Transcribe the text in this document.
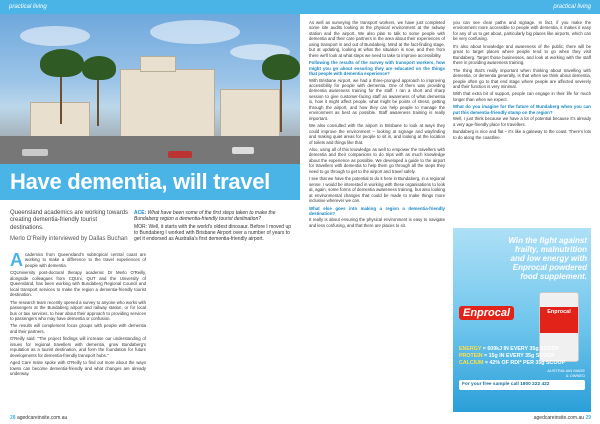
practical living
Have dementia, will travel
Queensland academics are working towards creating dementia-friendly tourist destinations.
Merlo O'Reilly interviewed by Dallas Buchan
ACE: What have been some of the first steps taken to make the Bundaberg region a dementia-friendly tourist destination?
MOR: Well, it starts with the world's oldest dinosaur. Before I moved up to Bundaberg I worked with Brisbane Airport over a number of years to get it endorsed as Australia's first dementia-friendly airport.

Academics from Queensland's subtropical central coast are working to make a difference to the travel experiences of people with dementia.

CQUniversity post-doctoral therapy academic Dr Merlo O'Reilly, alongside colleagues from CQUni, QUT and the University of Queensland, has been working with Bundaberg Regional Council and local transport services to make the region a dementia-friendly tourist destination.

The research team recently opened a survey to anyone who works with passengers at the Bundaberg airport and railway station, or for local bus or taxi services, to hear about their approach to providing services to passengers who may have dementia or confusion.

The results will complement focus groups with people with dementia and their partners.

O'Reilly said: "The project findings will increase our understanding of issues for regional travellers with dementia, grow Bundaberg's reputation as a tourist destination, and form the foundation for future developments for dementia-friendly transport hubs."

Aged Care Insite spoke with O'Reilly to find out more about the ways towns can become dementia-friendly and what changes are already underway.

28 agedcareinsite.com.au
practical living

As well as surveying the transport workers, we have just completed some site audits looking at the physical environment at the railway station and the airport. We also plan to talk to some people with dementia and their care partners in the area about their experiences of using transport in and out of Bundaberg. Mind at the fact-finding stage, but at updating, looking at what the situation is now, and then from there we'll look at what steps we need to take to improve accessibility.

Following the results of the survey with transport workers, how might you go about ensuring they are educated on the things that people with dementia experience?

With Brisbane Airport, we had a three-pronged approach to improving accessibility for people with dementia. One of them was providing dementia awareness training for the staff. I ran a short and sharp session to give customer-facing staff an awareness of what dementia is, how it might affect people, what might be points of stress, getting through the airport, and how they can help people to manage the environment as best as possible. Staff awareness training is really important.

We also consulted with the airport in Brisbane to look at ways they could improve the environment – looking at signage and wayfinding and making quiet areas for people to sit in, and looking at the location of toilets and things like that.

Also, using all of this knowledge as well to empower the travellers with dementia and their companions to do trips with as much knowledge about the experience as possible. We developed a guide to the airport for travellers with dementia to help them go through all the steps they need to go through to get to the airport and travel safely.

I see that we have the potential to do it here in Bundaberg, in a regional sense. I would be interested in working with these organisations to look at, again, some forms of dementia awareness training, but also looking at environmental changes that could be made to make things more inclusive wherever we can.

What else goes into making a region a dementia-friendly destination?

It really is about ensuring the physical environment is easy to navigate and less confusing, and that there are places to sit.

you can see clear paths and signage. In fact, if you make the environment more accessible to people with dementia, it makes it easy for any of us to get about, particularly big places like airports, which can be very confusing.

It's also about knowledge and awareness of the public; there will be great to target places where people tend to go when they visit Bundaberg. Target those businesses, and look at working with the staff there in providing awareness training.

The thing that's really important when thinking about travelling with dementia, or dementia generally, is that when we think about dementia, people often go to that end stage where people are affected severely and their function is very minimal.

With that extra bit of support, people can engage in their life for much longer than when we expect.

What do you imagine for the future of Bundaberg when you can put this dementia-friendly stamp on the region?

Well, I just think because we have a lot of potential because it's already a very age-friendly place for travellers.

Bundaberg is nice and flat – it's like a gateway to the coast. There's lots to do along the coastline.

Win the fight against frailty, malnutrition and low energy with Enprocal powdered food supplement.
Enprocal	Enprocal
ENERGY = 609kJ IN EVERY 35g SCOOP
PROTEIN = 15g IN EVERY 35g SCOOP
CALCIUM = 42% OF RDI* PER 35g SCOOP
AUSTRALIAN MADE & OWNED
For your free sample call 1800 222 422
agedcareinsite.com.au 29
